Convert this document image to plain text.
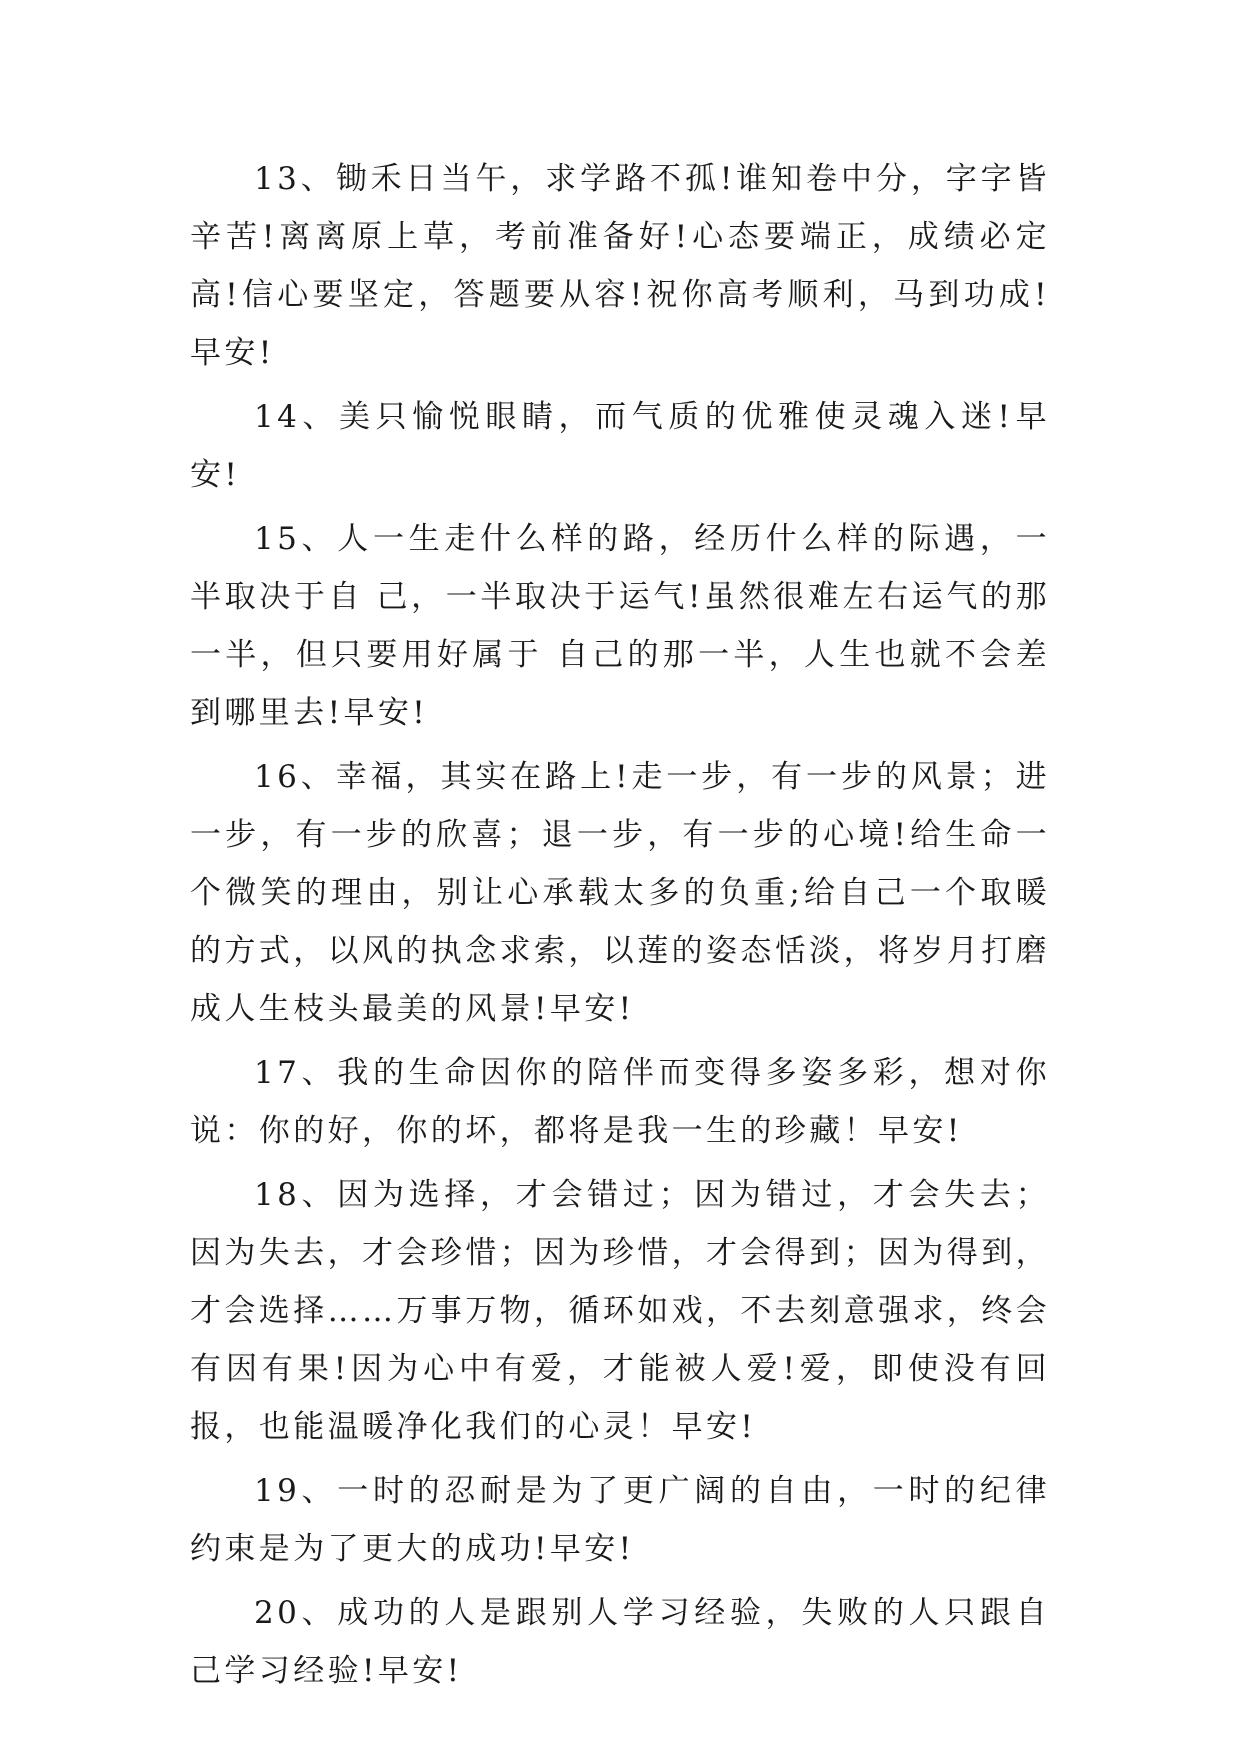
13、锄禾日当午，求学路不孤!谁知卷中分，字字皆辛苦!离离原上草，考前准备好!心态要端正，成绩必定高!信心要坚定，答题要从容!祝你高考顺利，马到功成!早安!

14、美只愉悦眼睛，而气质的优雅使灵魂入迷!早安!

15、人一生走什么样的路，经历什么样的际遇，一半取决于自 己，一半取决于运气!虽然很难左右运气的那一半，但只要用好属于 自己的那一半，人生也就不会差到哪里去!早安!

16、幸福，其实在路上!走一步，有一步的风景；进一步，有一步的欣喜；退一步，有一步的心境!给生命一个微笑的理由，别让心承载太多的负重;给自己一个取暖的方式，以风的执念求索，以莲的姿态恬淡，将岁月打磨成人生枝头最美的风景!早安!

17、我的生命因你的陪伴而变得多姿多彩，想对你说：你的好，你的坏，都将是我一生的珍藏！早安!

18、因为选择，才会错过；因为错过，才会失去；因为失去，才会珍惜；因为珍惜，才会得到；因为得到，才会选择……万事万物，循环如戏，不去刻意强求，终会有因有果!因为心中有爱，才能被人爱!爱，即使没有回报，也能温暖净化我们的心灵！早安!

19、一时的忍耐是为了更广阔的自由，一时的纪律约束是为了更大的成功!早安!

20、成功的人是跟别人学习经验，失败的人只跟自己学习经验!早安!
